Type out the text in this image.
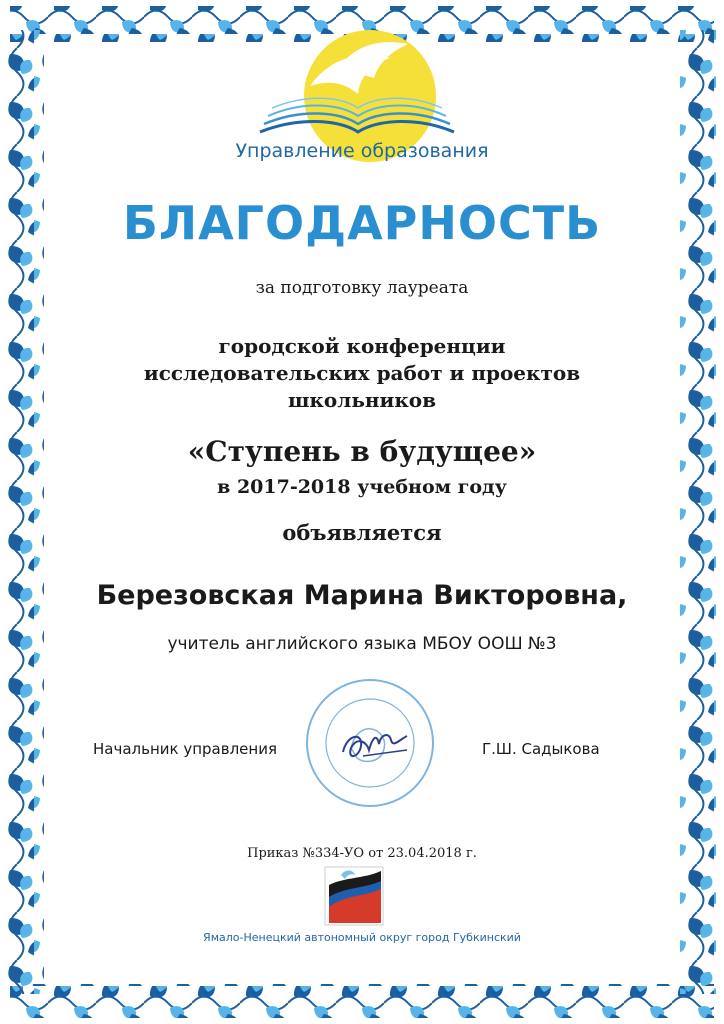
Управление образования
БЛАГОДАРНОСТЬ
за подготовку лауреата
городской конференции
исследовательских работ и проектов
школьников
«Ступень в будущее»
в 2017-2018 учебном году
объявляется
Березовская Марина Викторовна,
учитель английского языка МБОУ ООШ №3
Начальник управления	Г.Ш. Садыкова
Приказ №334-УО от 23.04.2018 г.
Ямало-Ненецкий автономный округ город Губкинский
